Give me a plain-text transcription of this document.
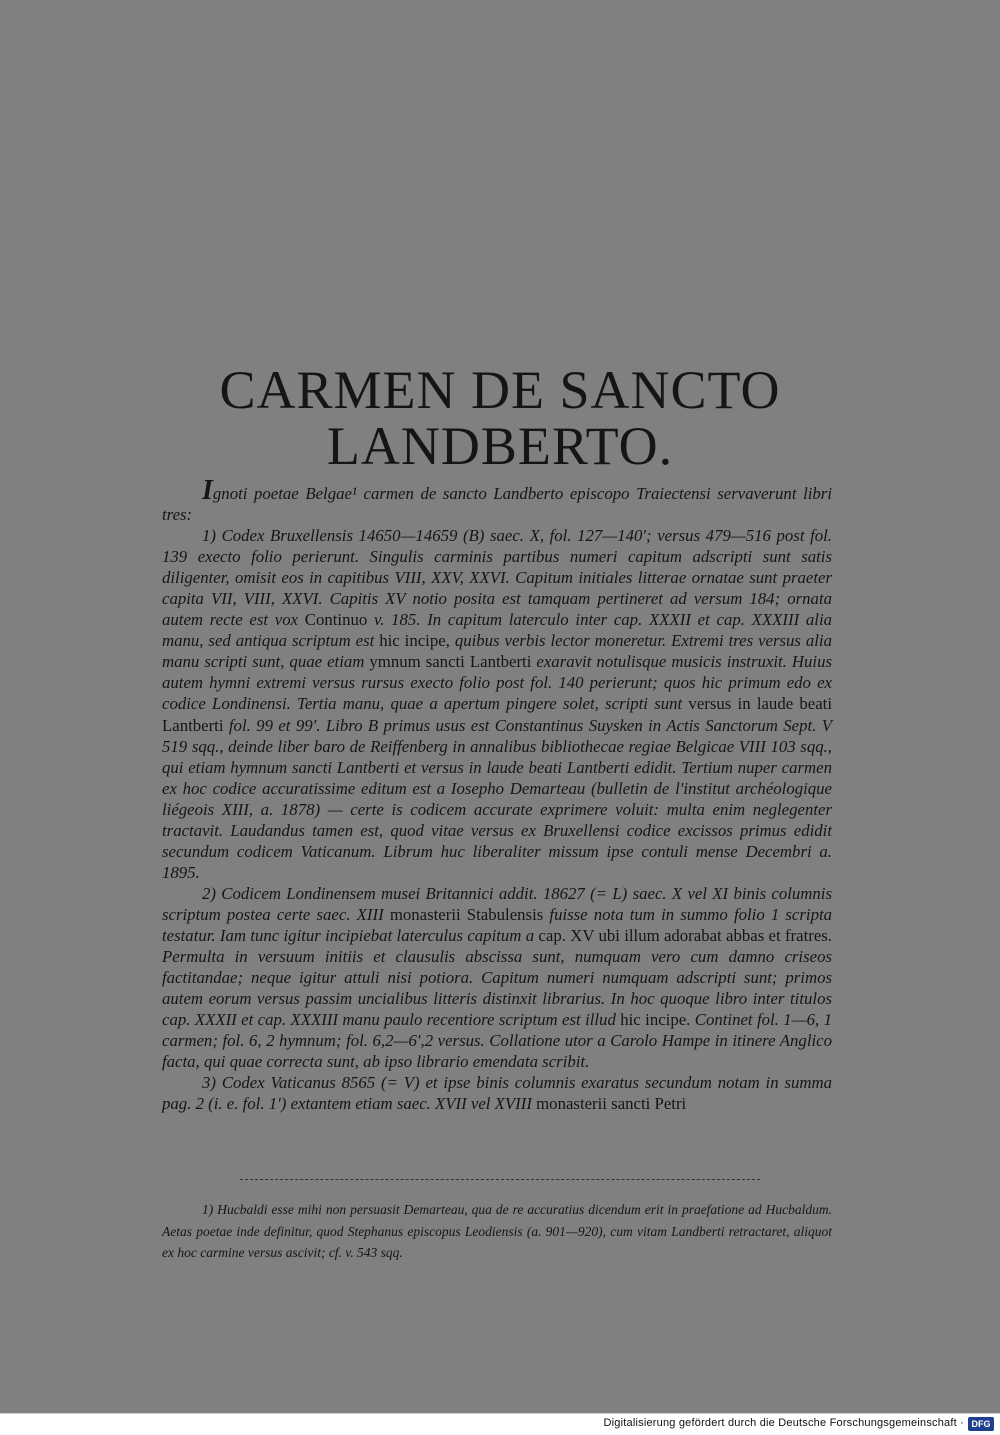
CARMEN DE SANCTO
LANDBERTO.

Ignoti poetae Belgae¹ carmen de sancto Landberto episcopo Traiectensi servaverunt libri tres:

1) Codex Bruxellensis 14650—14659 (B) saec. X, fol. 127—140′; versus 479—516 post fol. 139 execto folio perierunt. Singulis carminis partibus numeri capitum adscripti sunt satis diligenter, omisit eos in capitibus VIII, XXV, XXVI. Capitum initiales litterae ornatae sunt praeter capita VII, VIII, XXVI. Capitis XV notio posita est tamquam pertineret ad versum 184; ornata autem recte est vox Continuo v. 185. In capitum laterculo inter cap. XXXII et cap. XXXIII alia manu, sed antiqua scriptum est hic incipe, quibus verbis lector moneretur. Extremi tres versus alia manu scripti sunt, quae etiam ymnum sancti Lantberti exaravit notulisque musicis instruxit. Huius autem hymni extremi versus rursus execto folio post fol. 140 perierunt; quos hic primum edo ex codice Londinensi. Tertia manu, quae a apertum pingere solet, scripti sunt versus in laude beati Lantberti fol. 99 et 99′. Libro B primus usus est Constantinus Suysken in Actis Sanctorum Sept. V 519 sqq., deinde liber baro de Reiffenberg in annalibus bibliothecae regiae Belgicae VIII 103 sqq., qui etiam hymnum sancti Lantberti et versus in laude beati Lantberti edidit. Tertium nuper carmen ex hoc codice accuratissime editum est a Iosepho Demarteau (bulletin de l'institut archéologique liégeois XIII, a. 1878) — certe is codicem accurate exprimere voluit: multa enim neglegenter tractavit. Laudandus tamen est, quod vitae versus ex Bruxellensi codice excissos primus edidit secundum codicem Vaticanum. Librum huc liberaliter missum ipse contuli mense Decembri a. 1895.

2) Codicem Londinensem musei Britannici addit. 18627 (= L) saec. X vel XI binis columnis scriptum postea certe saec. XIII monasterii Stabulensis fuisse nota tum in summo folio 1 scripta testatur. Iam tunc igitur incipiebat laterculus capitum a cap. XV ubi illum adorabat abbas et fratres. Permulta in versuum initiis et clausulis abscissa sunt, numquam vero cum damno criseos factitandae; neque igitur attuli nisi potiora. Capitum numeri numquam adscripti sunt; primos autem eorum versus passim uncialibus litteris distinxit librarius. In hoc quoque libro inter titulos cap. XXXII et cap. XXXIII manu paulo recentiore scriptum est illud hic incipe. Continet fol. 1—6, 1 carmen; fol. 6, 2 hymnum; fol. 6,2—6′,2 versus. Collatione utor a Carolo Hampe in itinere Anglico facta, qui quae correcta sunt, ab ipso librario emendata scribit.

3) Codex Vaticanus 8565 (= V) et ipse binis columnis exaratus secundum notam in summa pag. 2 (i. e. fol. 1′) extantem etiam saec. XVII vel XVIII monasterii sancti Petri

1) Hucbaldi esse mihi non persuasit Demarteau, qua de re accuratius dicendum erit in praefatione ad Hucbaldum. Aetas poetae inde definitur, quod Stephanus episcopus Leodiensis (a. 901—920), cum vitam Landberti retractaret, aliquot ex hoc carmine versus ascivit; cf. v. 543 sqq.

Digitalisierung gefördert durch die Deutsche Forschungsgemeinschaft · DFG
